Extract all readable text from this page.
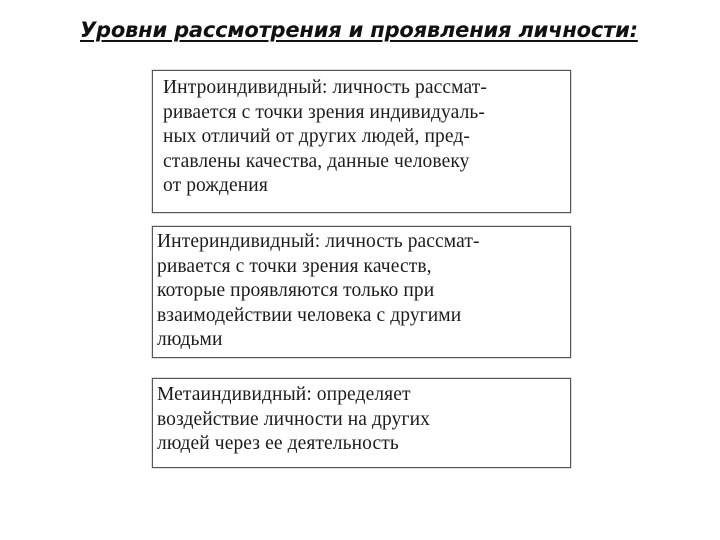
Уровни рассмотрения и проявления личности:
Интроиндивидный: личность рассмат-
ривается с точки зрения индивидуаль-
ных отличий от других людей, пред-
ставлены качества, данные человеку
от рождения
Интериндивидный: личность рассмат-
ривается с точки зрения качеств,
которые проявляются только при
взаимодействии человека с другими
людьми
Метаиндивидный: определяет
воздействие личности на других
людей через ее деятельность
